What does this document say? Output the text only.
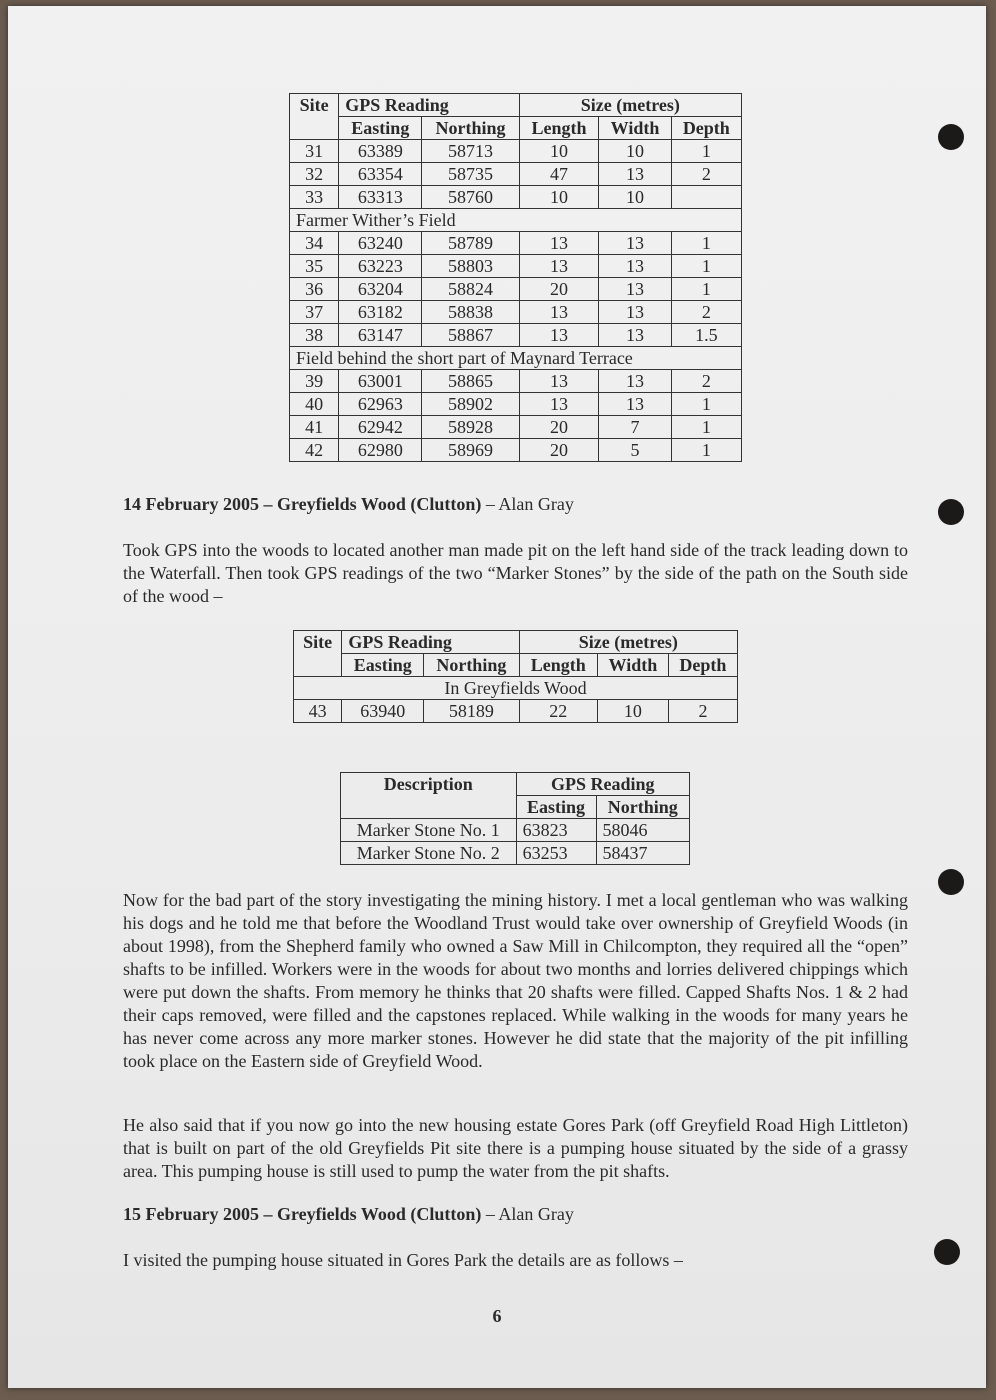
Site	GPS Reading		Size (metres)		
	Easting	Northing	Length	Width	Depth
31	63389	58713	10	10	1
32	63354	58735	47	13	2
33	63313	58760	10	10	
Farmer Wither’s Field					
34	63240	58789	13	13	1
35	63223	58803	13	13	1
36	63204	58824	20	13	1
37	63182	58838	13	13	2
38	63147	58867	13	13	1.5
Field behind the short part of Maynard Terrace					
39	63001	58865	13	13	2
40	62963	58902	13	13	1
41	62942	58928	20	7	1
42	62980	58969	20	5	1
14 February 2005 – Greyfields Wood (Clutton) – Alan Gray
Took GPS into the woods to located another man made pit on the left hand side of the track leading down to the Waterfall. Then took GPS readings of the two “Marker Stones” by the side of the path on the South side of the wood –
Site	GPS Reading		Size (metres)		
	Easting	Northing	Length	Width	Depth
In Greyfields Wood					
43	63940	58189	22	10	2
Description	GPS Reading	
	Easting	Northing
Marker Stone No. 1	63823	58046
Marker Stone No. 2	63253	58437
Now for the bad part of the story investigating the mining history. I met a local gentleman who was walking his dogs and he told me that before the Woodland Trust would take over ownership of Greyfield Woods (in about 1998), from the Shepherd family who owned a Saw Mill in Chilcompton, they required all the “open” shafts to be infilled. Workers were in the woods for about two months and lorries delivered chippings which were put down the shafts. From memory he thinks that 20 shafts were filled. Capped Shafts Nos. 1 & 2 had their caps removed, were filled and the capstones replaced. While walking in the woods for many years he has never come across any more marker stones. However he did state that the majority of the pit infilling took place on the Eastern side of Greyfield Wood.
He also said that if you now go into the new housing estate Gores Park (off Greyfield Road High Littleton) that is built on part of the old Greyfields Pit site there is a pumping house situated by the side of a grassy area. This pumping house is still used to pump the water from the pit shafts.
15 February 2005 – Greyfields Wood (Clutton) – Alan Gray
I visited the pumping house situated in Gores Park the details are as follows –
6
